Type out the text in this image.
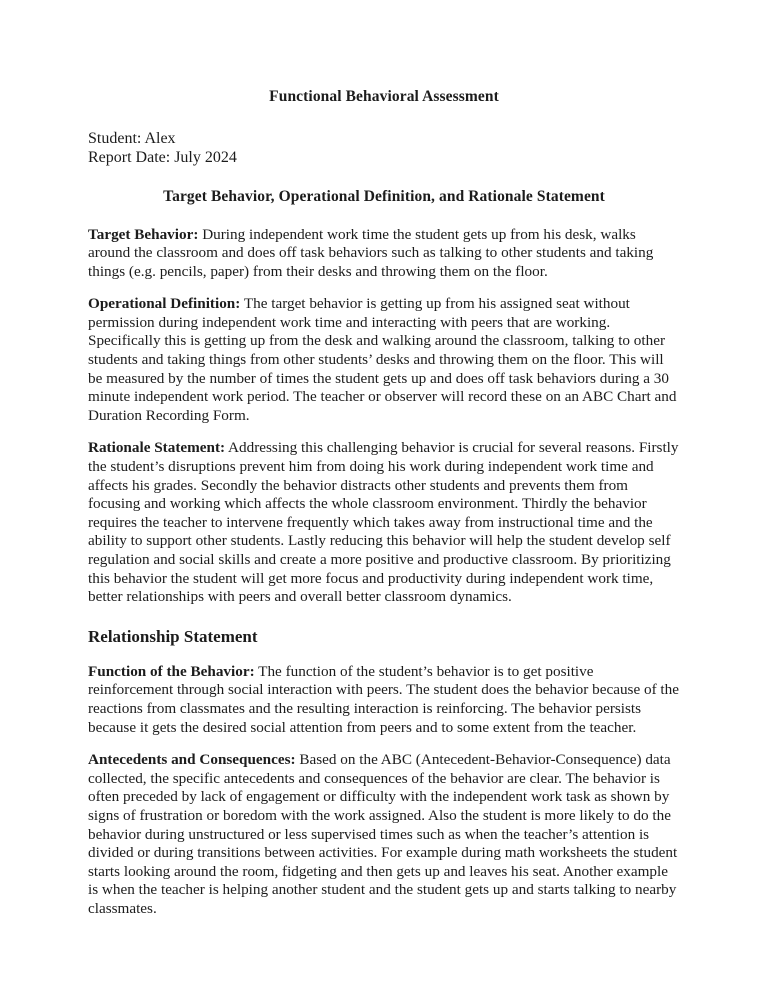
Functional Behavioral Assessment

Student: Alex

Report Date: July 2024

Target Behavior, Operational Definition, and Rationale Statement

Target Behavior: During independent work time the student gets up from his desk, walks around the classroom and does off task behaviors such as talking to other students and taking things (e.g. pencils, paper) from their desks and throwing them on the floor.

Operational Definition: The target behavior is getting up from his assigned seat without permission during independent work time and interacting with peers that are working. Specifically this is getting up from the desk and walking around the classroom, talking to other students and taking things from other students’ desks and throwing them on the floor. This will be measured by the number of times the student gets up and does off task behaviors during a 30 minute independent work period. The teacher or observer will record these on an ABC Chart and Duration Recording Form.

Rationale Statement: Addressing this challenging behavior is crucial for several reasons. Firstly the student’s disruptions prevent him from doing his work during independent work time and affects his grades. Secondly the behavior distracts other students and prevents them from focusing and working which affects the whole classroom environment. Thirdly the behavior requires the teacher to intervene frequently which takes away from instructional time and the ability to support other students. Lastly reducing this behavior will help the student develop self regulation and social skills and create a more positive and productive classroom. By prioritizing this behavior the student will get more focus and productivity during independent work time, better relationships with peers and overall better classroom dynamics.

Relationship Statement

Function of the Behavior: The function of the student’s behavior is to get positive reinforcement through social interaction with peers. The student does the behavior because of the reactions from classmates and the resulting interaction is reinforcing. The behavior persists because it gets the desired social attention from peers and to some extent from the teacher.

Antecedents and Consequences: Based on the ABC (Antecedent-Behavior-Consequence) data collected, the specific antecedents and consequences of the behavior are clear. The behavior is often preceded by lack of engagement or difficulty with the independent work task as shown by signs of frustration or boredom with the work assigned. Also the student is more likely to do the behavior during unstructured or less supervised times such as when the teacher’s attention is divided or during transitions between activities. For example during math worksheets the student starts looking around the room, fidgeting and then gets up and leaves his seat. Another example is when the teacher is helping another student and the student gets up and starts talking to nearby classmates.
